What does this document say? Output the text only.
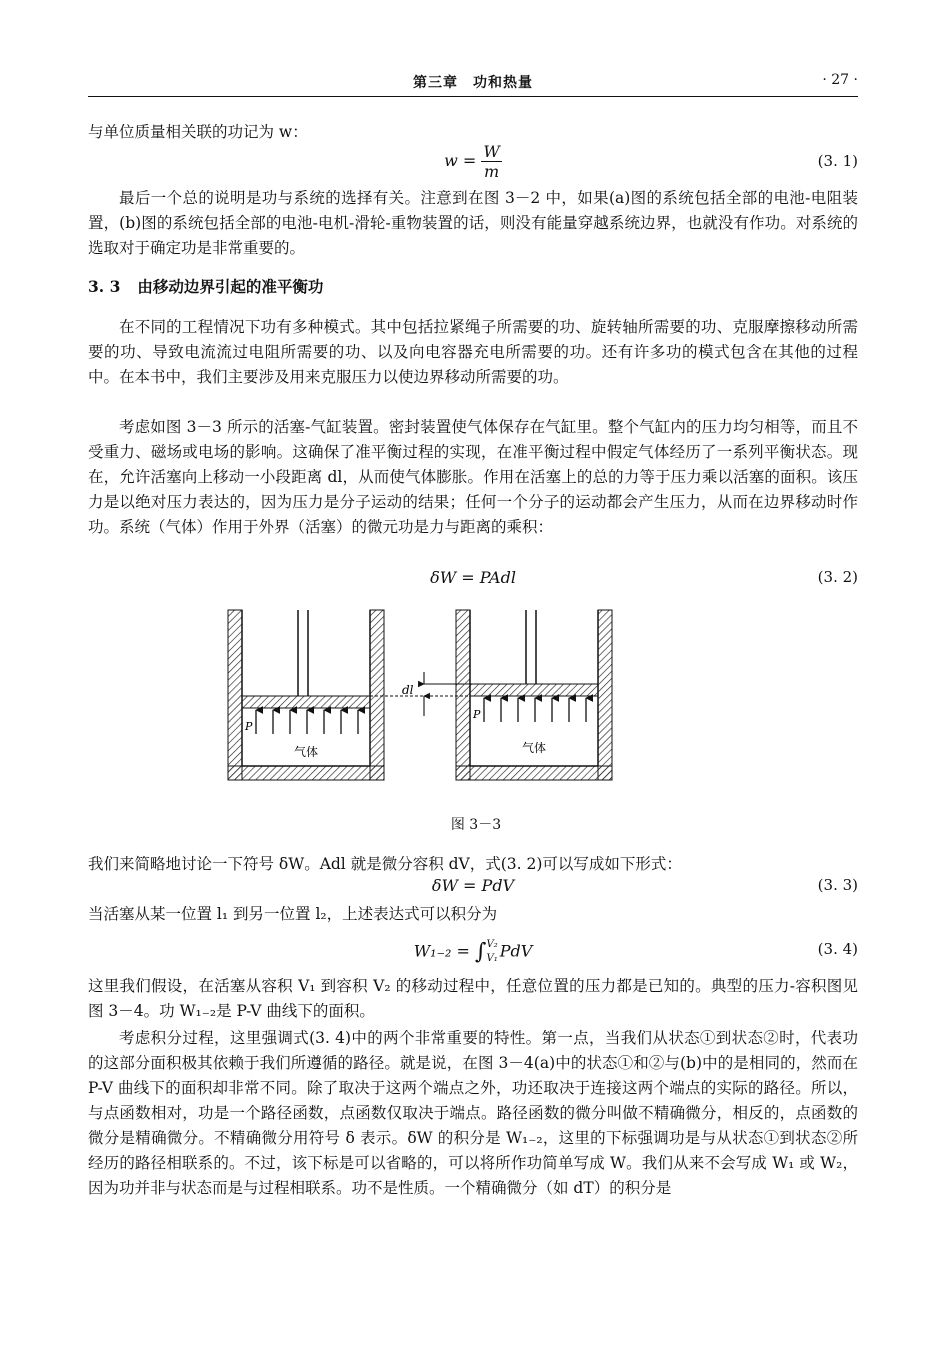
第三章　功和热量	· 27 ·
与单位质量相关联的功记为 w：
$w = \frac{W}{m}$	(3. 1)
最后一个总的说明是功与系统的选择有关。注意到在图 3－2 中，如果(a)图的系统包括全部的电池-电阻装置，(b)图的系统包括全部的电池-电机-滑轮-重物装置的话，则没有能量穿越系统边界，也就没有作功。对系统的选取对于确定功是非常重要的。
3. 3 由移动边界引起的准平衡功
在不同的工程情况下功有多种模式。其中包括拉紧绳子所需要的功、旋转轴所需要的功、克服摩擦移动所需要的功、导致电流流过电阻所需要的功、以及向电容器充电所需要的功。还有许多功的模式包含在其他的过程中。在本书中，我们主要涉及用来克服压力以使边界移动所需要的功。
考虑如图 3－3 所示的活塞-气缸装置。密封装置使气体保存在气缸里。整个气缸内的压力均匀相等，而且不受重力、磁场或电场的影响。这确保了准平衡过程的实现，在准平衡过程中假定气体经历了一系列平衡状态。现在，允许活塞向上移动一小段距离 dl，从而使气体膨胀。作用在活塞上的总的力等于压力乘以活塞的面积。该压力是以绝对压力表达的，因为压力是分子运动的结果；任何一个分子的运动都会产生压力，从而在边界移动时作功。系统（气体）作用于外界（活塞）的微元功是力与距离的乘积：
δW = PAdl	(3. 2)
P
气体
dl
P
气体
图 3－3
我们来简略地讨论一下符号 δW。Adl 就是微分容积 dV，式(3. 2)可以写成如下形式：
δW = PdV	(3. 3)
当活塞从某一位置 l₁ 到另一位置 l₂，上述表达式可以积分为
W₁₋₂ = ∫ V₂
V₁ PdV	(3. 4)
这里我们假设，在活塞从容积 V₁ 到容积 V₂ 的移动过程中，任意位置的压力都是已知的。典型的压力-容积图见图 3－4。功 W₁₋₂是 P-V 曲线下的面积。
考虑积分过程，这里强调式(3. 4)中的两个非常重要的特性。第一点，当我们从状态①到状态②时，代表功的这部分面积极其依赖于我们所遵循的路径。就是说，在图 3－4(a)中的状态①和②与(b)中的是相同的，然而在 P-V 曲线下的面积却非常不同。除了取决于这两个端点之外，功还取决于连接这两个端点的实际的路径。所以，与点函数相对，功是一个路径函数，点函数仅取决于端点。路径函数的微分叫做不精确微分，相反的，点函数的微分是精确微分。不精确微分用符号 δ 表示。δW 的积分是 W₁₋₂，这里的下标强调功是与从状态①到状态②所经历的路径相联系的。不过，该下标是可以省略的，可以将所作功简单写成 W。我们从来不会写成 W₁ 或 W₂，因为功并非与状态而是与过程相联系。功不是性质。一个精确微分（如 dT）的积分是
